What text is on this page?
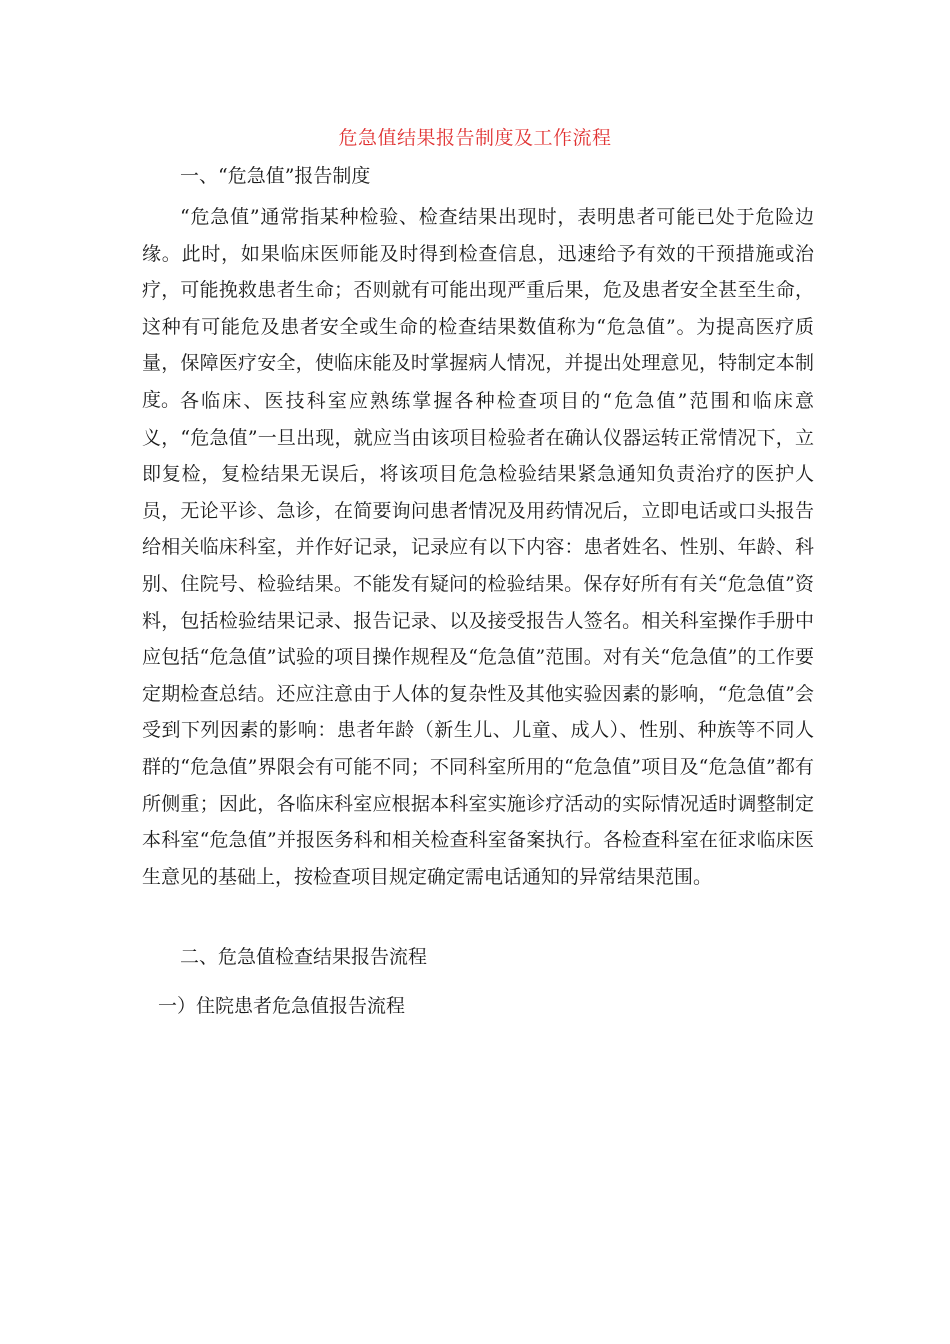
危急值结果报告制度及工作流程
一、“危急值”报告制度

“危急值”通常指某种检验、检查结果出现时，表明患者可能已处于危险边缘。此时，如果临床医师能及时得到检查信息，迅速给予有效的干预措施或治疗，可能挽救患者生命；否则就有可能出现严重后果，危及患者安全甚至生命，这种有可能危及患者安全或生命的检查结果数值称为“危急值”。为提高医疗质量，保障医疗安全，使临床能及时掌握病人情况，并提出处理意见，特制定本制度。 各临床、医技科室应熟练掌握各种检查项目的“危急值”范围和临床意义，“危急值”一旦出现，就应当由该项目检验者在确认仪器运转正常情况下，立即复检，复检结果无误后，将该项目危急检验结果紧急通知负责治疗的医护人员，无论平诊、急诊，在简要询问患者情况及用药情况后，立即电话或口头报告给相关临床科室，并作好记录，记录应有以下内容：患者姓名、性别、年龄、科别、住院号、检验结果。不能发有疑问的检验结果。保存好所有有关“危急值”资料，包括检验结果记录、报告记录、以及接受报告人签名。相关科室操作手册中应包括“危急值”试验的项目操作规程及“危急值”范围。对有关“危急值”的工作要定期检查总结。还应注意由于人体的复杂性及其他实验因素的影响，“危急值”会受到下列因素的影响：患者年龄（新生儿、儿童、成人）、性别、种族等不同人群的“危急值”界限会有可能不同；不同科室所用的“危急值”项目及“危急值”都有所侧重；因此，各临床科室应根据本科室实施诊疗活动的实际情况适时调整制定本科室“危急值”并报医务科和相关检查科室备案执行。各检查科室在征求临床医生意见的基础上，按检查项目规定确定需电话通知的异常结果范围。

二、危急值检查结果报告流程
一）住院患者危急值报告流程
